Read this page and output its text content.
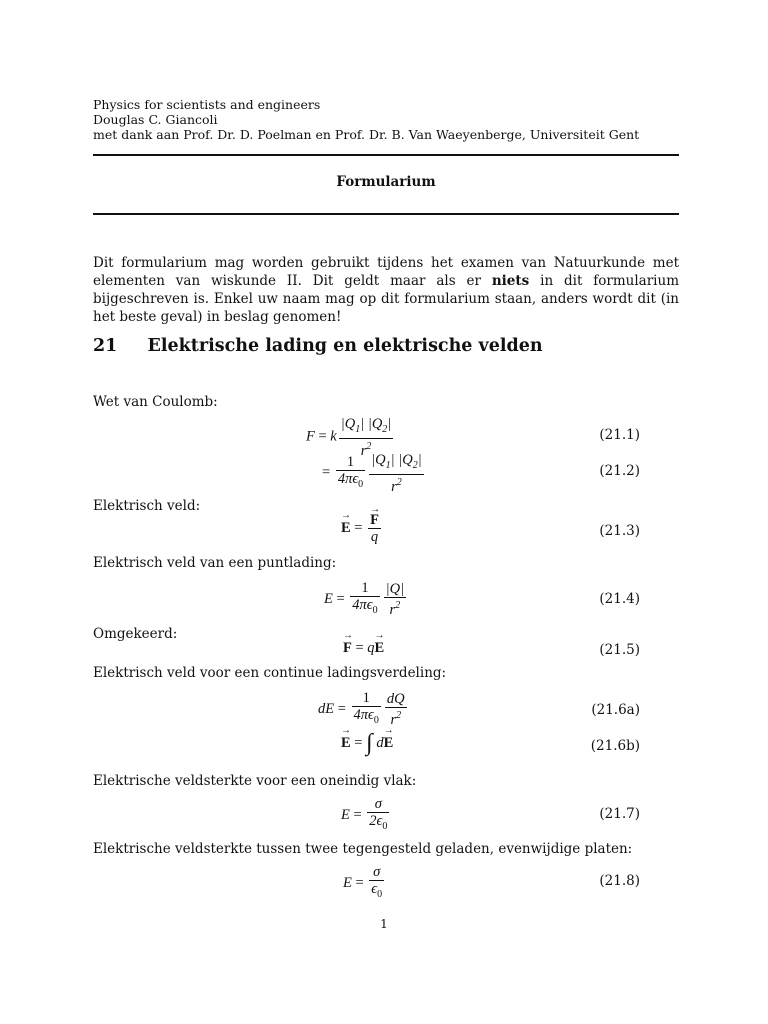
Physics for scientists and engineers
Douglas C. Giancoli
met dank aan Prof. Dr. D. Poelman en Prof. Dr. B. Van Waeyenberge, Universiteit Gent
Formularium
Dit formularium mag worden gebruikt tijdens het examen van Natuurkunde met elementen van wiskunde II. Dit geldt maar als er niets in dit formularium bijgeschreven is. Enkel uw naam mag op dit formularium staan, anders wordt dit (in het beste geval) in beslag genomen!
21 Elektrische lading en elektrische velden
Wet van Coulomb:
F = k $\frac{|Q_1| |Q_2|}{r^2}$	(21.1)
= $\frac{1}{4\pi\epsilon_0} \frac{|Q_1| |Q_2|}{r^2}$	(21.2)
Elektrisch veld:
→ E =
→ $\frac{F}{q}$	(21.3)
Elektrisch veld van een puntlading:
$E = \frac{1}{4\pi\epsilon_0} \frac{|Q|}{r^2}$	(21.4)
Omgekeerd:
→ F = q→ E	(21.5)
Elektrisch veld voor een continue ladingsverdeling:
dE = $\frac{1}{4\pi\epsilon_0} \frac{dQ}{r^2}$	(21.6a)
→ E = ∫ d→ E	(21.6b)
Elektrische veldsterkte voor een oneindig vlak:
$E = \frac{\sigma}{2\epsilon_0}$	(21.7)
Elektrische veldsterkte tussen twee tegengesteld geladen, evenwijdige platen:
$E = \frac{\sigma}{\epsilon_0}$	(21.8)
1
